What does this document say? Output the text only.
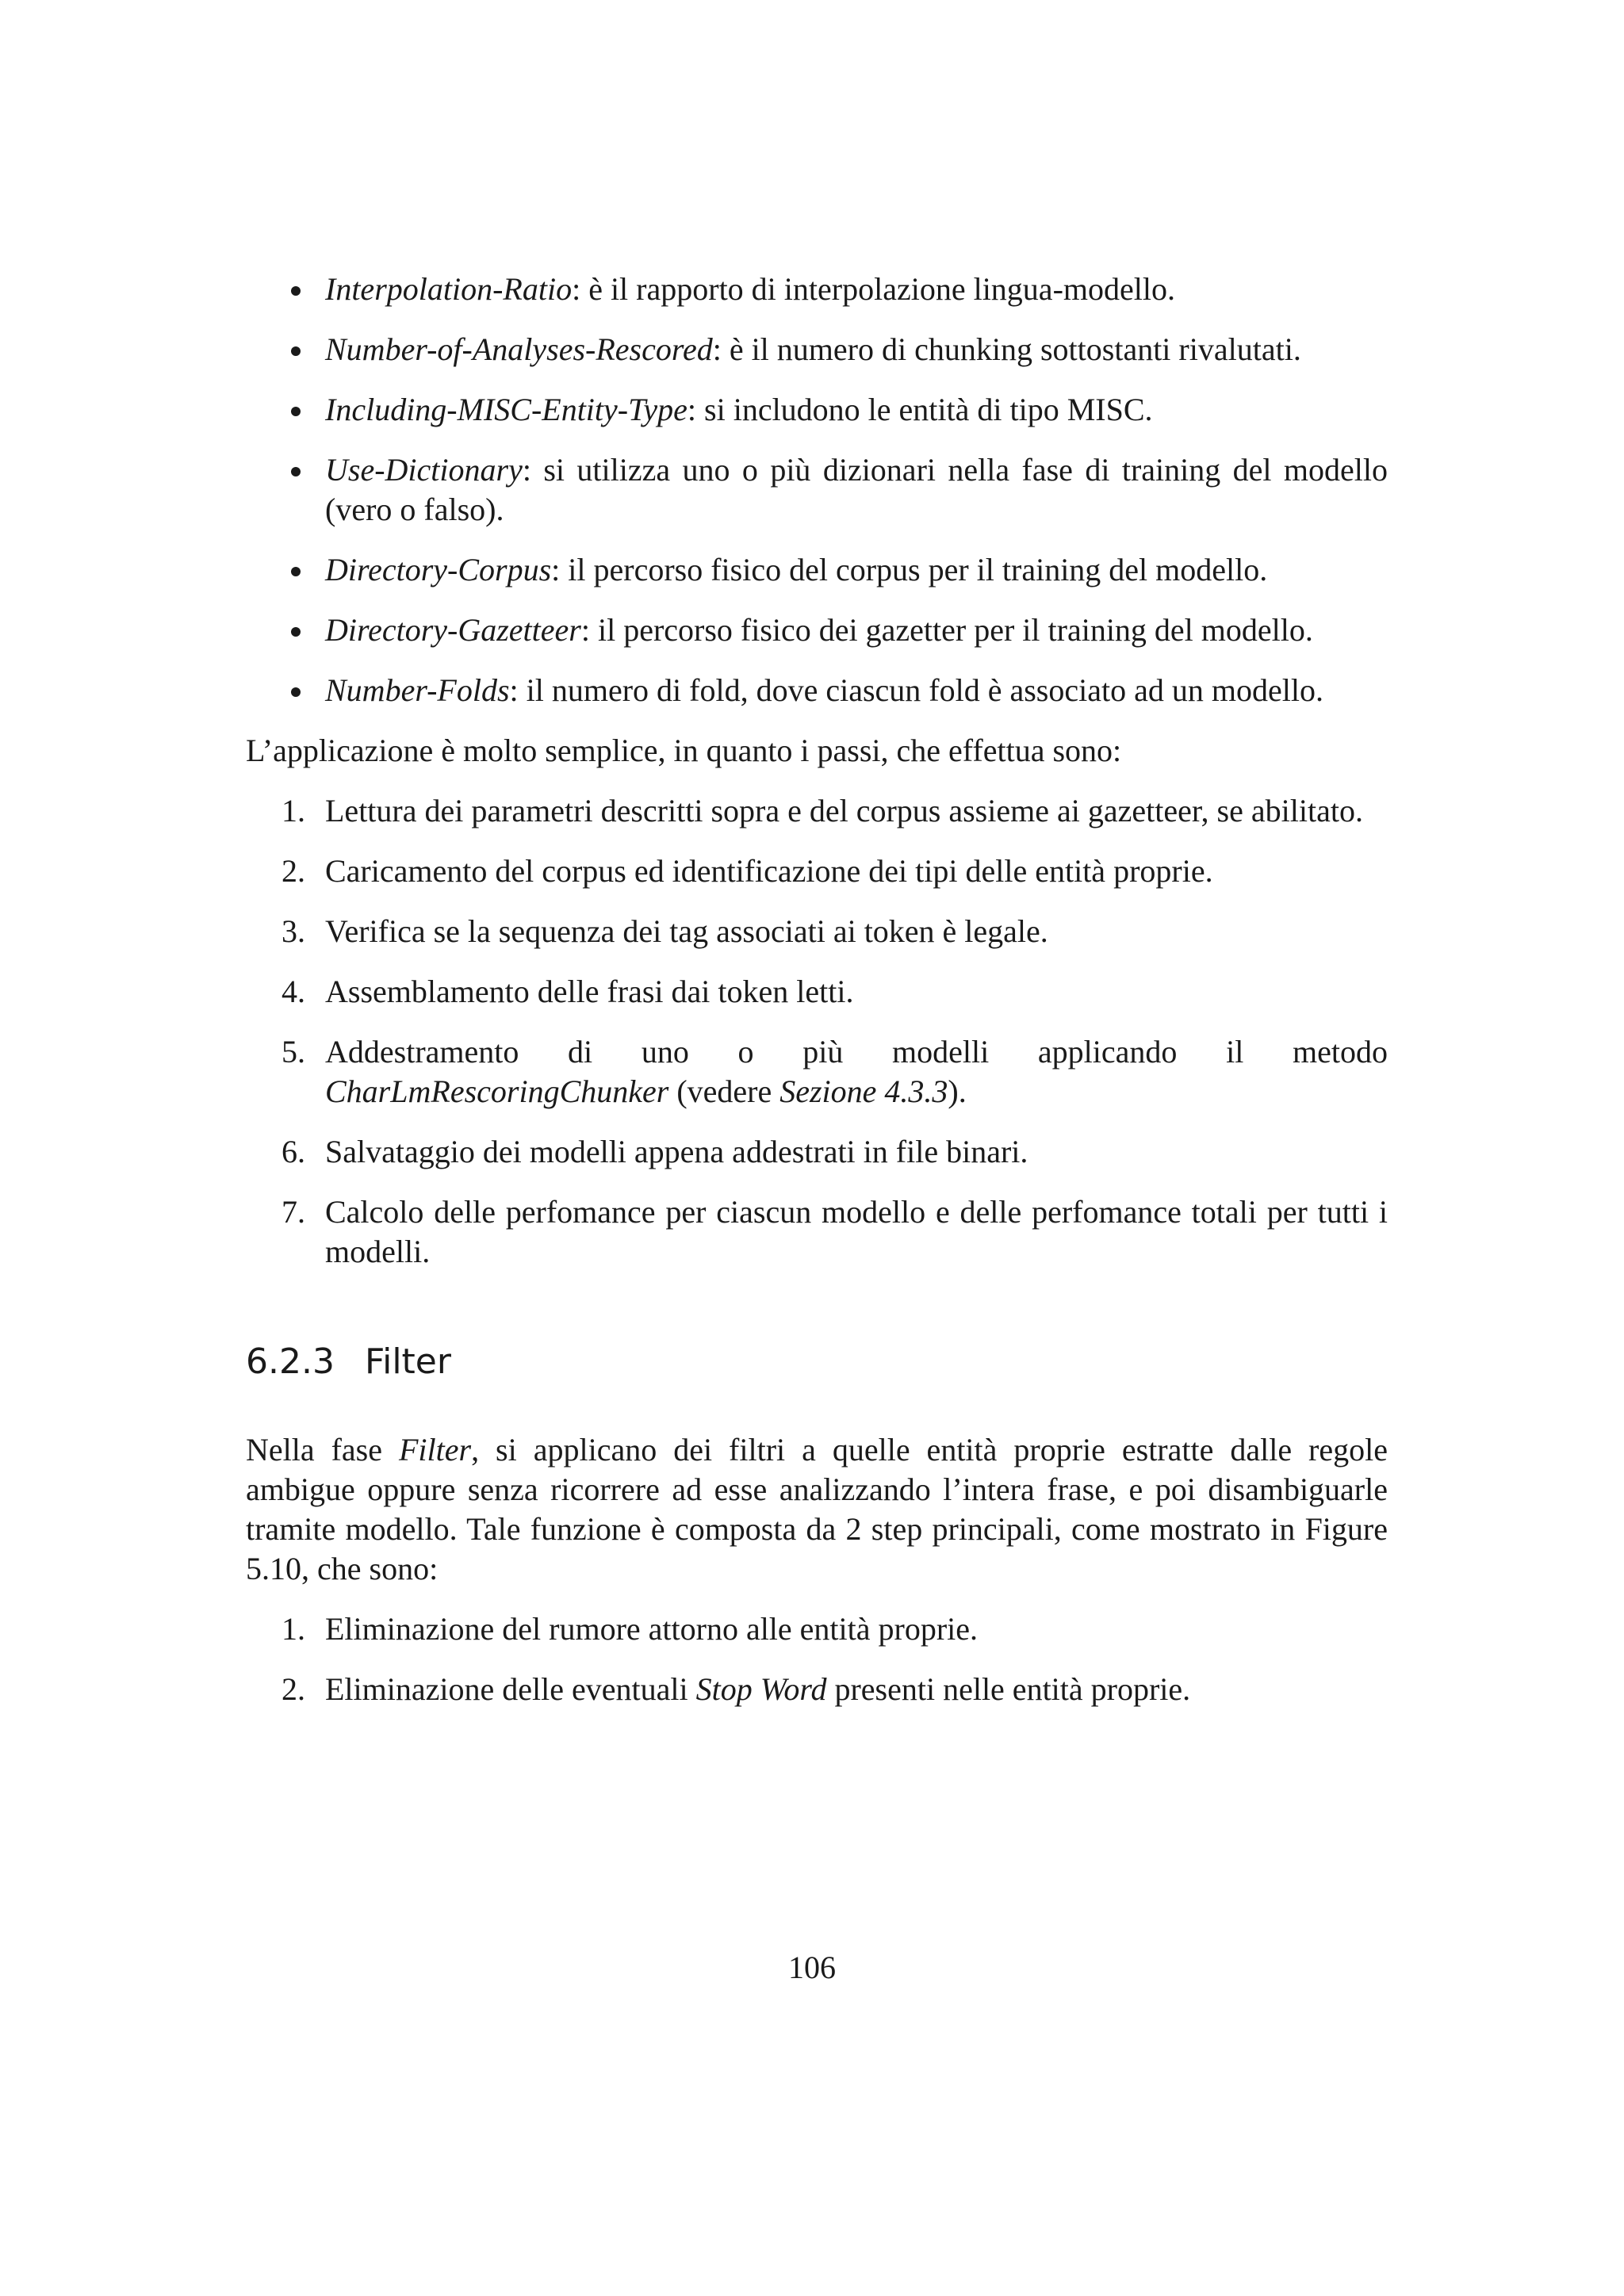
Interpolation-Ratio: è il rapporto di interpolazione lingua-modello.
Number-of-Analyses-Rescored: è il numero di chunking sottostanti rivalutati.
Including-MISC-Entity-Type: si includono le entità di tipo MISC.
Use-Dictionary: si utilizza uno o più dizionari nella fase di training del modello (vero o falso).
Directory-Corpus: il percorso fisico del corpus per il training del modello.
Directory-Gazetteer: il percorso fisico dei gazetter per il training del modello.
Number-Folds: il numero di fold, dove ciascun fold è associato ad un modello.
L’applicazione è molto semplice, in quanto i passi, che effettua sono:
1. Lettura dei parametri descritti sopra e del corpus assieme ai gazetteer, se abilitato.
2. Caricamento del corpus ed identificazione dei tipi delle entità proprie.
3. Verifica se la sequenza dei tag associati ai token è legale.
4. Assemblamento delle frasi dai token letti.
5. Addestramento di uno o più modelli applicando il metodo CharLmRescoringChunker (vedere Sezione 4.3.3).
6. Salvataggio dei modelli appena addestrati in file binari.
7. Calcolo delle perfomance per ciascun modello e delle perfomance totali per tutti i modelli.
6.2.3 Filter
Nella fase Filter, si applicano dei filtri a quelle entità proprie estratte dalle regole ambigue oppure senza ricorrere ad esse analizzando l’intera frase, e poi disambiguarle tramite modello. Tale funzione è composta da 2 step principali, come mostrato in Figure 5.10, che sono:
1. Eliminazione del rumore attorno alle entità proprie.
2. Eliminazione delle eventuali Stop Word presenti nelle entità proprie.
106
